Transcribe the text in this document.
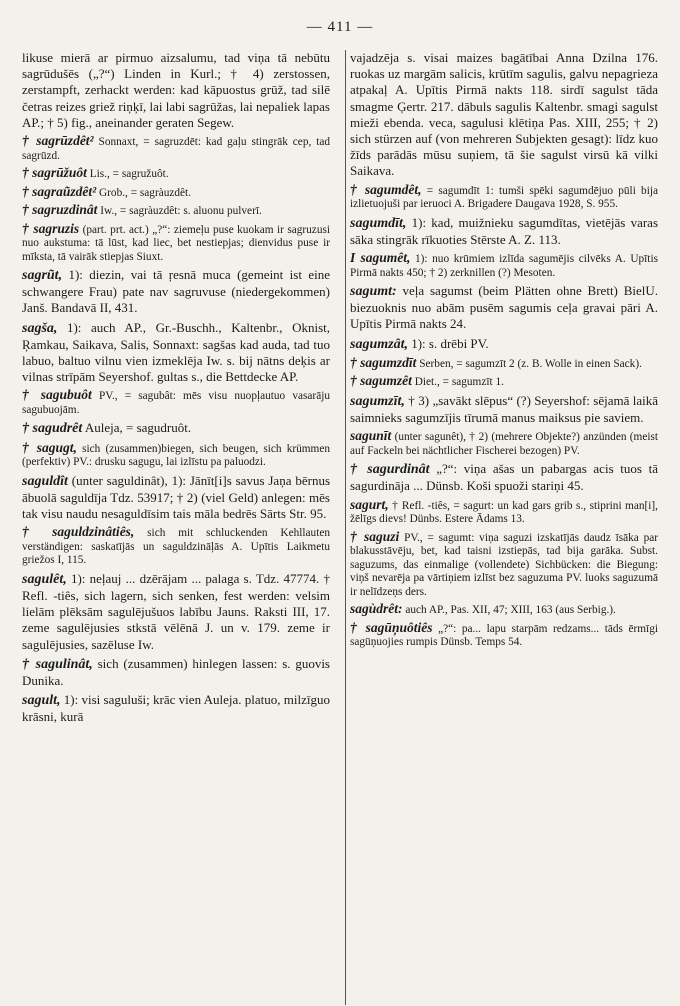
— 411 —

likuse mierā ar pirmuo aizsalumu, tad viņa tā nebūtu sagrūdušēs („?“) Linden in Kurl.; † 4) zerstossen, zerstampft, zerhackt werden: kad kāpuostus grūž, tad silē četras reizes griež riņķī, lai labi sagrūžas, lai nepaliek lapas AP.; † 5) fig., aneinander geraten Segew.

† sagrūzdêt² Sonnaxt, = sagruzdēt: kad gaļu stingrāk cep, tad sagrūzd.

† sagrūžuôt Lis., = sagružuôt.

† sagraũzdêt² Grob., = sagràuzdêt.

† sagruzdinât Iw., = sagràuzdêt: s. aluonu pulverī.

† sagruzis (part. prt. act.) „?“: ziemeļu puse kuokam ir sagruzusi nuo aukstuma: tā lūst, kad liec, bet nestiepjas; dienvidus puse ir mīksta, tā vairāk stiepjas Siuxt.

sagrũt, 1): diezin, vai tā ŗesnā muca (gemeint ist eine schwangere Frau) pate nav sagruvuse (niedergekommen) Janš. Bandavā II, 431.

sagša, 1): auch AP., Gr.-Buschh., Kaltenbr., Oknist, Ŗamkau, Saikava, Salis, Sonnaxt: sagšas kad auda, tad tuo labuo, baltuo vilnu vien izmeklēja Iw. s. bij nātns deķis ar vilnas strīpām Seyershof. gultas s., die Bettdecke AP.

† sagubuôt PV., = sagubât: mēs visu nuopļautuo vasarāju sagubuojām.

† sagudrêt Auleja, = sagudruôt.

† sagugt, sich (zusammen)biegen, sich beugen, sich krümmen (perfektiv) PV.: drusku sagugu, lai izlīstu pa paluodzi.

saguldît (unter saguldinât), 1): Jānīt[i]s savus Jaņa bērnus ābuolā saguldīja Tdz. 53917; † 2) (viel Geld) anlegen: mēs tak visu naudu nesaguldīsim tais māla bedrēs Sārts Str. 95.

† saguldzinâtiês, sich mit schluckenden Kehllauten verständigen: saskatījās un saguldzināļās A. Upītis Laikmetu griežos I, 115.

sagulêt, 1): neļauj ... dzērājam ... palaga s. Tdz. 47774. † Refl. -tiês, sich lagern, sich senken, fest werden: velsim lielām plēksām sagulējušuos labību Jauns. Raksti III, 17. zeme sagulējusies stkstā vēlēnā J. un v. 179. zeme ir sagulējusies, sazēluse Iw.

† sagulinât, sich (zusammen) hinlegen lassen: s. guovis Dunika.

sagult, 1): visi saguluši; krāc vien Auleja. platuo, milzīguo krāsni, kurā

vajadzēja s. visai maizes bagātībai Anna Dzilna 176. ruokas uz margām salicis, krūtīm sagulis, galvu nepagrieza atpakaļ A. Upītis Pirmā nakts 118. sirdī sagulst tāda smagme Ģertr. 217. dābuls sagulis Kaltenbr. smagi sagulst mieži ebenda. veca, sagulusi klētiņa Pas. XIII, 255; † 2) sich stürzen auf (von mehreren Subjekten gesagt): līdz kuo žīds parādās mūsu suņiem, tā šie sagulst virsū kā vilki Saikava.

† sagumdêt, = sagumdīt 1: tumši spēki sagumdējuo pūli bija izlietuojuši par ieruoci A. Brigadere Daugava 1928, S. 955.

sagumdīt, 1): kad, muižnieku sagumdītas, vietējās varas sāka stingrāk rīkuoties Stērste A. Z. 113.

I sagumêt, 1): nuo krūmiem izlīda sagumējis cilvēks A. Upītis Pirmā nakts 450; † 2) zerknillen (?) Mesoten.

sagumt: veļa sagumst (beim Plätten ohne Brett) BielU. biezuoknis nuo abām pusēm sagumis ceļa gravai pāri A. Upītis Pirmā nakts 24.

sagumzât, 1): s. drēbi PV.

† sagumzdīt Serben, = sagumzīt 2 (z. B. Wolle in einen Sack).

† sagumzêt Diet., = sagumzīt 1.

sagumzīt, † 3) „savākt slēpus“ (?) Seyershof: sējamā laikā saimnieks sagumzījis tīrumā manus maiksus pie saviem.

sagunīt (unter sagunêt), † 2) (mehrere Objekte?) anzünden (meist auf Fackeln bei nächtlicher Fischerei bezogen) PV.

† sagurdinât „?“: viņa ašas un pabargas acis tuos tā sagurdināja ... Dünsb. Koši spuoži stariņi 45.

sagurt, † Refl. -tiês, = sagurt: un kad gars grib s., stiprini man[i], žēlīgs dievs! Dünbs. Estere Ādams 13.

† saguzi PV., = sagumt: viņa saguzi izskatījās daudz īsāka par blakusstāvēju, bet, kad taisni izstiepās, tad bija garāka. Subst. saguzums, das einmalige (vollendete) Sichbücken: die Biegung: viņš nevarēja pa vārtiņiem izlīst bez saguzuma PV. luoks saguzumā ir nelīdzeņs ders.

sagùdrêt: auch AP., Pas. XII, 47; XIII, 163 (aus Serbig.).

† sagūņuôtiês „?“: pa... lapu starpām redzams... tāds ērmīgi sagūņuojies rumpis Dünsb. Temps 54.
